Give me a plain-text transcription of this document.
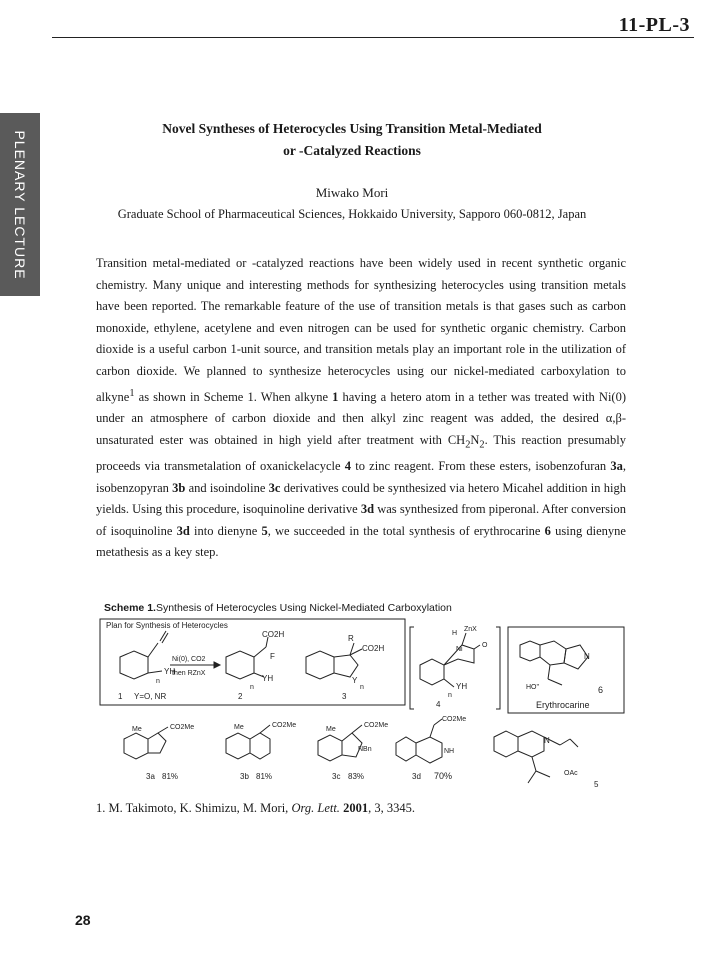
11-PL-3
PLENARY LECTURE
Novel Syntheses of Heterocycles Using Transition Metal-Mediated
or -Catalyzed Reactions
Miwako Mori
Graduate School of Pharmaceutical Sciences, Hokkaido University, Sapporo 060-0812, Japan

Transition metal-mediated or -catalyzed reactions have been widely used in recent synthetic organic chemistry. Many unique and interesting methods for synthesizing heterocycles using transition metals have been reported. The remarkable feature of the use of transition metals is that gases such as carbon monoxide, ethylene, acetylene and even nitrogen can be used for synthetic organic chemistry. Carbon dioxide is a useful carbon 1-unit source, and transition metals play an important role in the utilization of carbon dioxide. We planned to synthesize heterocycles using our nickel-mediated carboxylation to alkyne$^1$ as shown in Scheme 1. When alkyne 1 having a hetero atom in a tether was treated with Ni(0) under an atmosphere of carbon dioxide and then alkyl zinc reagent was added, the desired α,β-unsaturated ester was obtained in high yield after treatment with $CH_2N_2$. This reaction presumably proceeds via transmetalation of oxanickelacycle 4 to zinc reagent. From these esters, isobenzofuran 3a, isobenzopyran 3b and isoindoline 3c derivatives could be synthesized via hetero Micahel addition in high yields. Using this procedure, isoquinoline derivative 3d was synthesized from piperonal. After conversion of isoquinoline 3d into dienyne 5, we succeeded in the total synthesis of erythrocarine 6 using dienyne metathesis as a key step.

Scheme 1.Synthesis of Heterocycles Using Nickel-Mediated Carboxylation
Plan for Synthesis of Heterocycles
YH
n
1 Y=O, NR
Ni(0), CO2
then RZnX
CO2H
F
YH
n
2
R
CO2H
Y
n
3
H
ZnX
Ni
O
YH
n
4
N
HO''	6
Erythrocarine
Me	CO2Me
3a 81%
Me	CO2Me
3b 81%
Me
CO2Me
NBn
3c 83%
CO2Me
NH
3d 70%
N
OAc
5
1. M. Takimoto, K. Shimizu, M. Mori, Org. Lett. 2001, 3, 3345.
28
